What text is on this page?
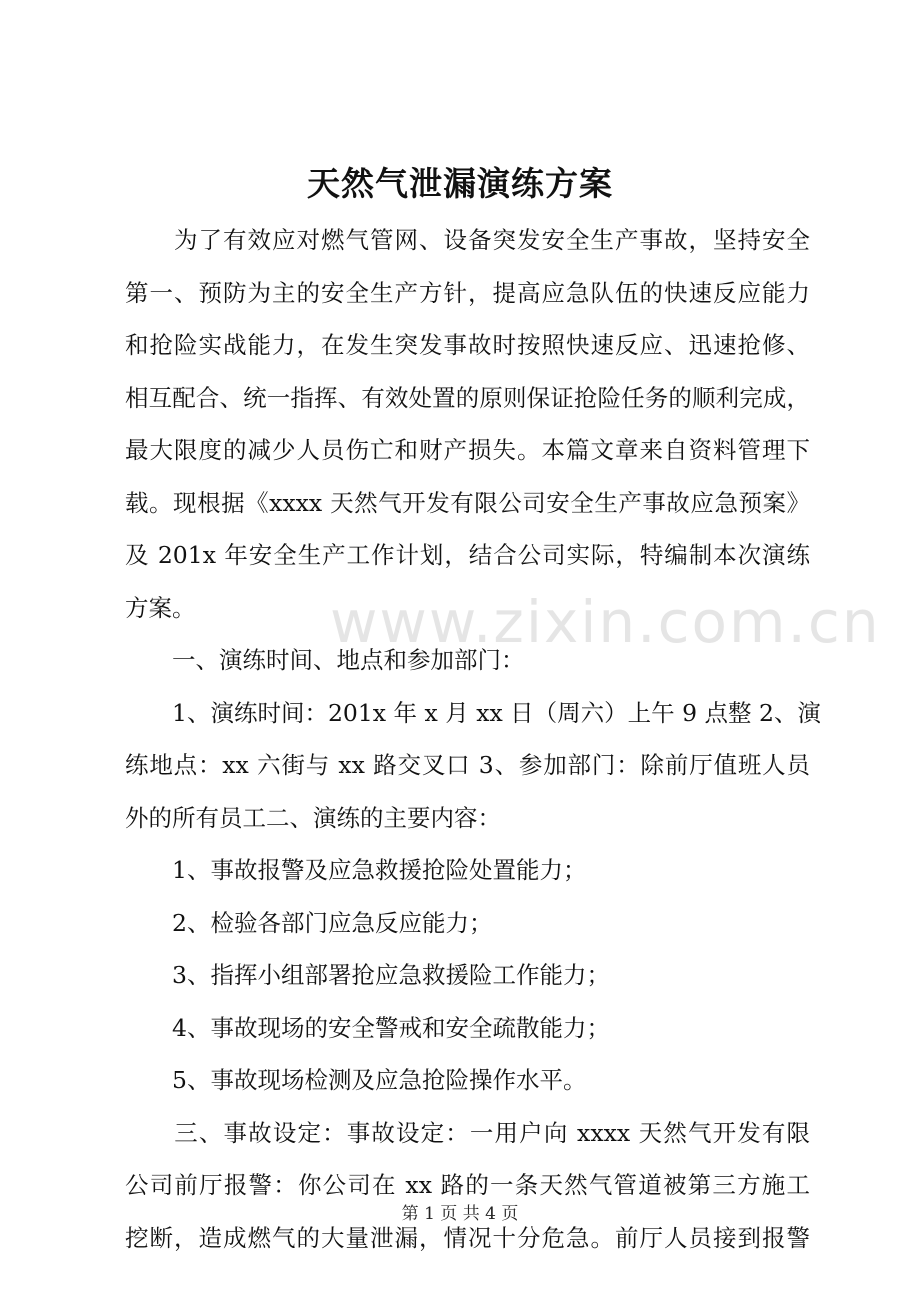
天然气泄漏演练方案
　　为了有效应对燃气管网、设备突发安全生产事故，坚持安全
第一、预防为主的安全生产方针，提高应急队伍的快速反应能力
和抢险实战能力，在发生突发事故时按照快速反应、迅速抢修、
相互配合、统一指挥、有效处置的原则保证抢险任务的顺利完成，
最大限度的减少人员伤亡和财产损失。本篇文章来自资料管理下
载。现根据《xxxx 天然气开发有限公司安全生产事故应急预案》
及 201x 年安全生产工作计划，结合公司实际，特编制本次演练
方案。
　　一、演练时间、地点和参加部门：
　　1、演练时间：201x 年 x 月 xx 日（周六）上午 9 点整 2、演
练地点：xx 六街与 xx 路交叉口 3、参加部门：除前厅值班人员
外的所有员工二、演练的主要内容：
　　1、事故报警及应急救援抢险处置能力；
　　2、检验各部门应急反应能力；
　　3、指挥小组部署抢应急救援险工作能力；
　　4、事故现场的安全警戒和安全疏散能力；
　　5、事故现场检测及应急抢险操作水平。
　　三、事故设定：事故设定：一用户向 xxxx 天然气开发有限
公司前厅报警：你公司在 xx 路的一条天然气管道被第三方施工
挖断，造成燃气的大量泄漏，情况十分危急。前厅人员接到报警
www.zixin.com.cn
第 1 页 共 4 页
